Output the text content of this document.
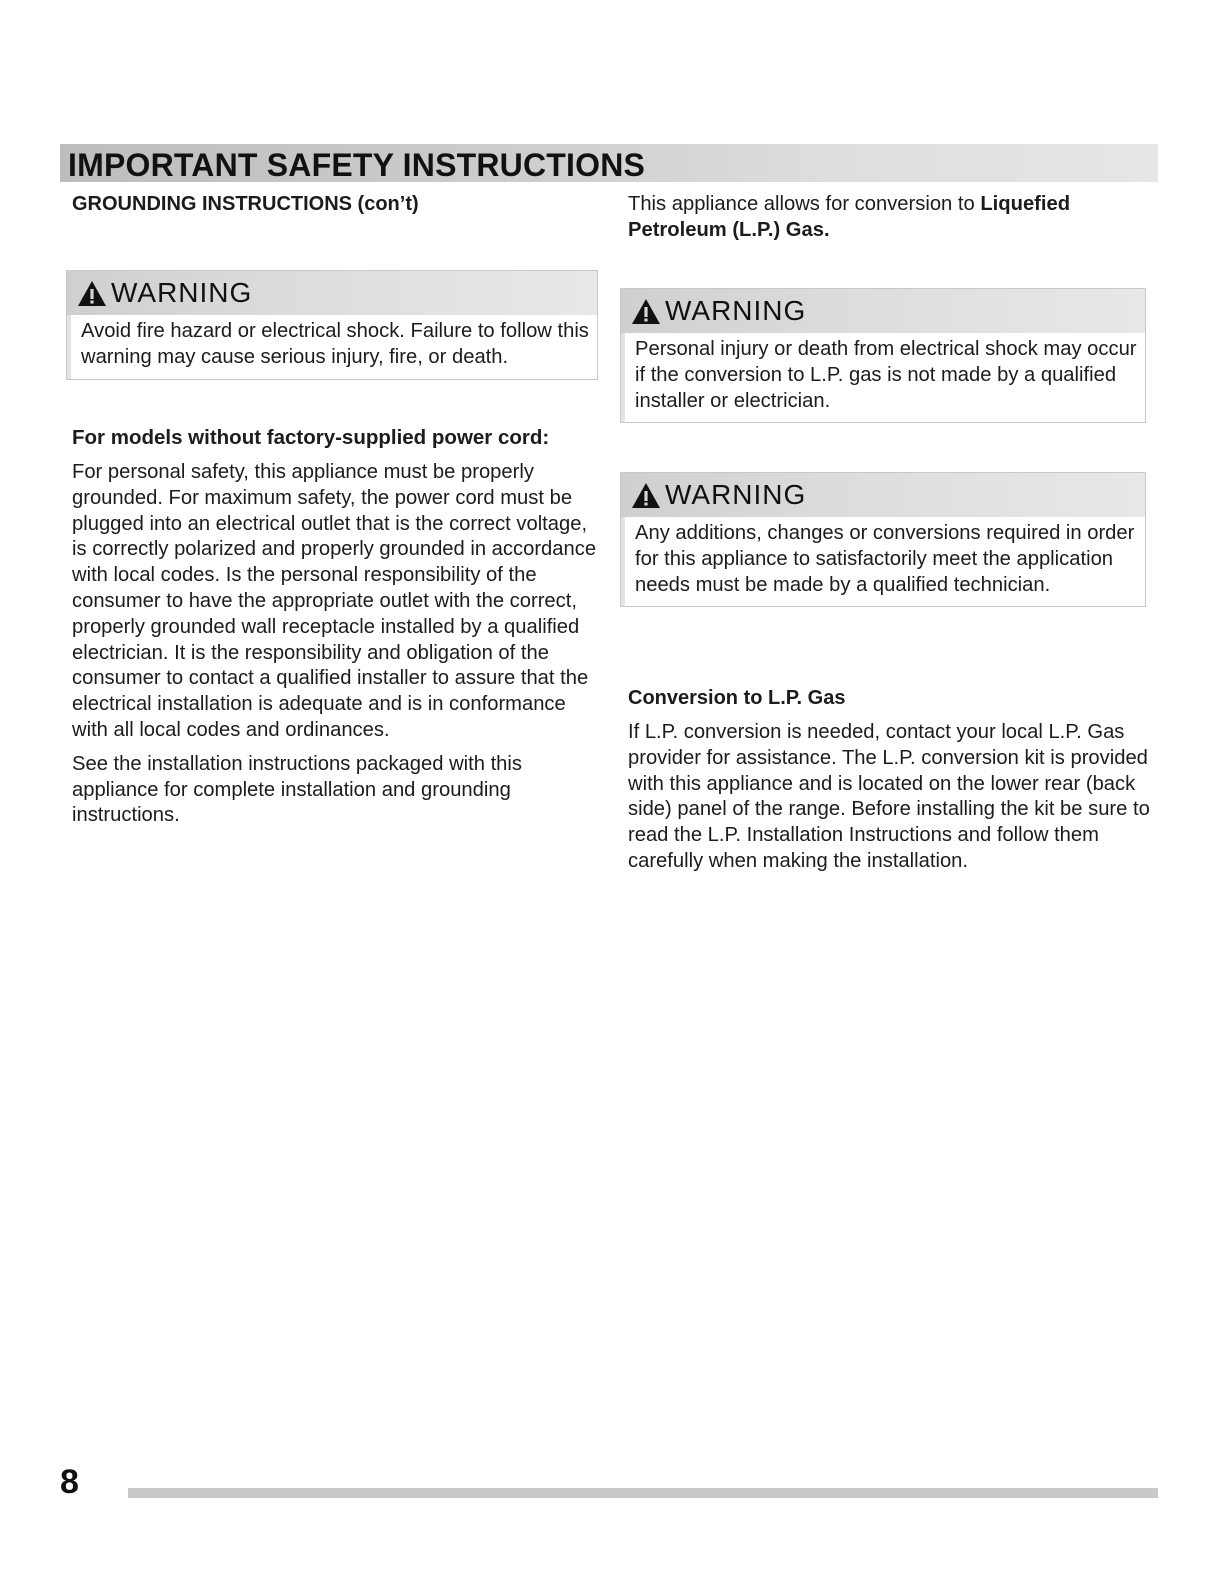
IMPORTANT SAFETY INSTRUCTIONS

GROUNDING INSTRUCTIONS (con’t)

WARNING
Avoid fire hazard or electrical shock. Failure to follow this warning may cause serious injury, fire, or death.

For models without factory-supplied power cord:

For personal safety, this appliance must be properly grounded. For maximum safety, the power cord must be plugged into an electrical outlet that is the correct voltage, is correctly polarized and properly grounded in accordance with local codes. Is the personal responsibility of the consumer to have the appropriate outlet with the correct, properly grounded wall receptacle installed by a qualified electrician. It is the responsibility and obligation of the consumer to contact a qualified installer to assure that the electrical installation is adequate and is in conformance with all local codes and ordinances.

See the installation instructions packaged with this appliance for complete installation and grounding instructions.

This appliance allows for conversion to Liquefied Petroleum (L.P.) Gas.

WARNING
Personal injury or death from electrical shock may occur if the conversion to L.P. gas is not made by a qualified installer or electrician.
WARNING
Any additions, changes or conversions required in order for this appliance to satisfactorily meet the application needs must be made by a qualified technician.

Conversion to L.P. Gas

If L.P. conversion is needed, contact your local L.P. Gas provider for assistance. The L.P. conversion kit is provided with this appliance and is located on the lower rear (back side) panel of the range. Before installing the kit be sure to read the L.P. Installation Instructions and follow them carefully when making the installation.

8
